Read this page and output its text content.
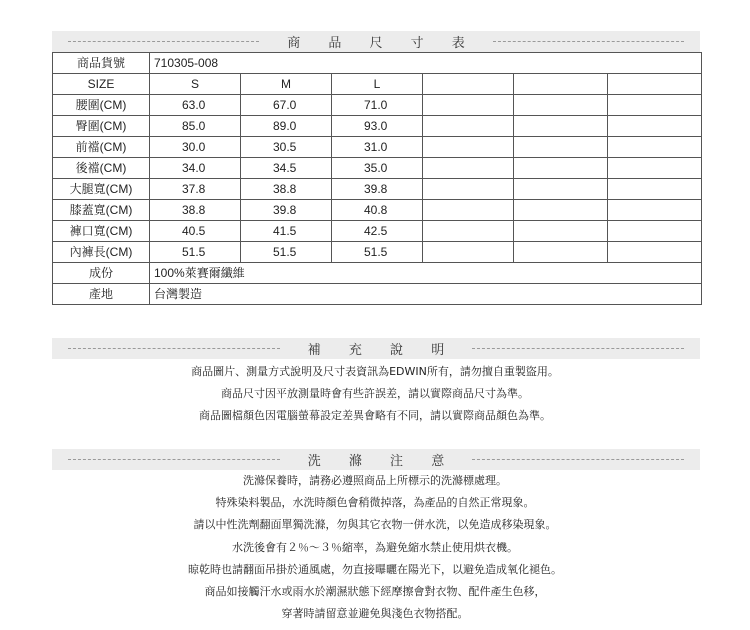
商 品 尺 寸 表
商品貨號	710305-008					
SIZE	S	M	L			
腰圍(CM)	63.0	67.0	71.0			
臀圍(CM)	85.0	89.0	93.0			
前襠(CM)	30.0	30.5	31.0			
後襠(CM)	34.0	34.5	35.0			
大腿寬(CM)	37.8	38.8	39.8			
膝蓋寬(CM)	38.8	39.8	40.8			
褲口寬(CM)	40.5	41.5	42.5			
內褲長(CM)	51.5	51.5	51.5			
成份	100%萊賽爾纖維					
產地	台灣製造					
補 充 說 明
商品圖片、測量方式說明及尺寸表資訊為EDWIN所有，請勿擅自重製盜用。
商品尺寸因平放測量時會有些許誤差，請以實際商品尺寸為準。
商品圖檔顏色因電腦螢幕設定差異會略有不同，請以實際商品顏色為準。
洗 滌 注 意
洗滌保養時，請務必遵照商品上所標示的洗滌標處理。
特殊染料製品，水洗時顏色會稍微掉落，為產品的自然正常現象。
請以中性洗劑翻面單獨洗滌，勿與其它衣物一併水洗，以免造成移染現象。
水洗後會有２％～３％縮率，為避免縮水禁止使用烘衣機。
晾乾時也請翻面吊掛於通風處，勿直接曝曬在陽光下，以避免造成氧化褪色。
商品如接觸汗水或雨水於潮濕狀態下經摩擦會對衣物、配件產生色移，
穿著時請留意並避免與淺色衣物搭配。
